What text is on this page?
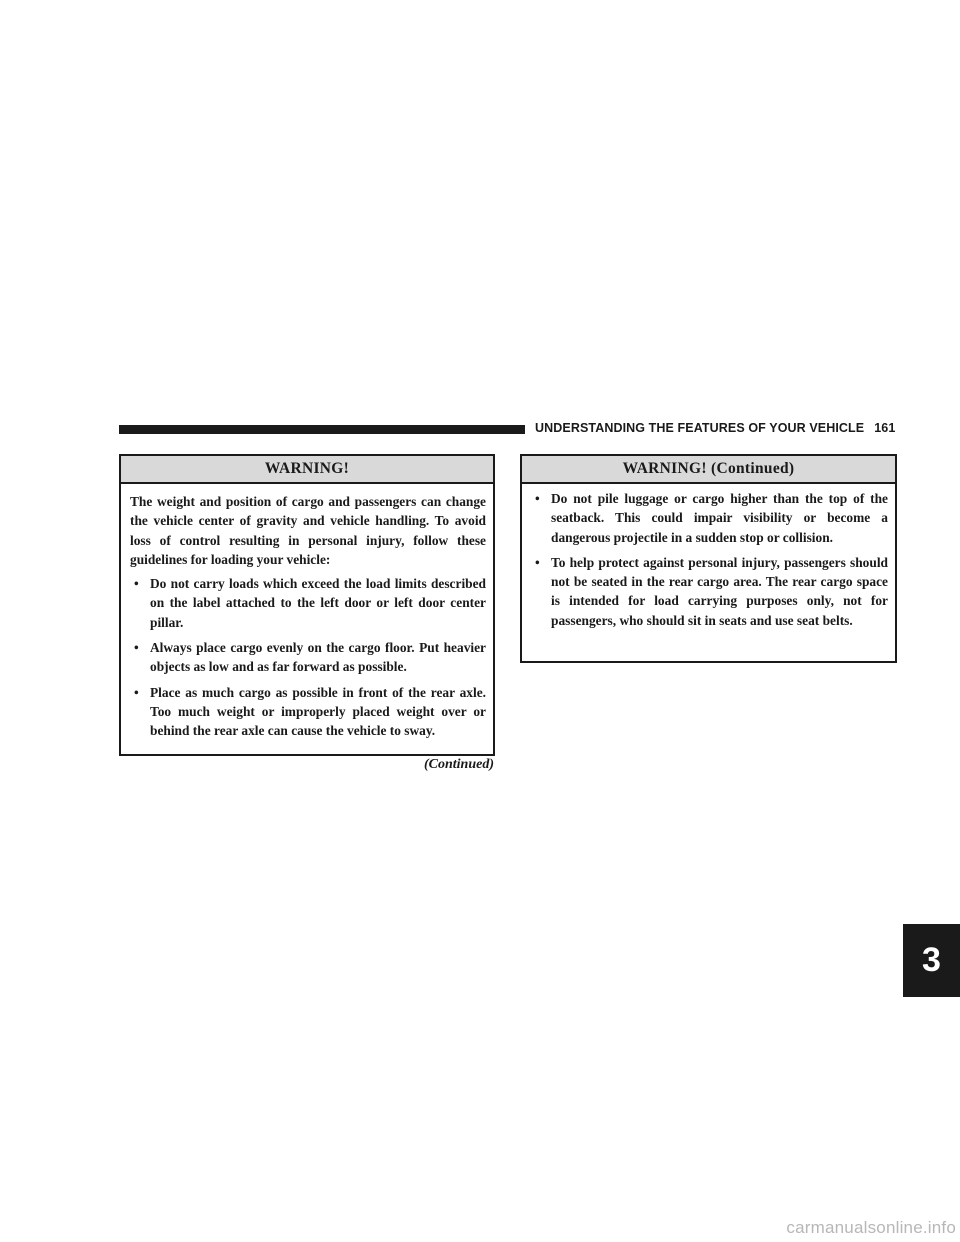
UNDERSTANDING THE FEATURES OF YOUR VEHICLE 161
WARNING!

The weight and position of cargo and passengers can change the vehicle center of gravity and vehicle handling. To avoid loss of control resulting in personal injury, follow these guidelines for loading your vehicle:

• Do not carry loads which exceed the load limits described on the label attached to the left door or left door center pillar.
• Always place cargo evenly on the cargo floor. Put heavier objects as low and as far forward as possible.
• Place as much cargo as possible in front of the rear axle. Too much weight or improperly placed weight over or behind the rear axle can cause the vehicle to sway.
(Continued)
WARNING! (Continued)
• Do not pile luggage or cargo higher than the top of the seatback. This could impair visibility or become a dangerous projectile in a sudden stop or collision.
• To help protect against personal injury, passengers should not be seated in the rear cargo area. The rear cargo space is intended for load carrying purposes only, not for passengers, who should sit in seats and use seat belts.
3
carmanualsonline.info
